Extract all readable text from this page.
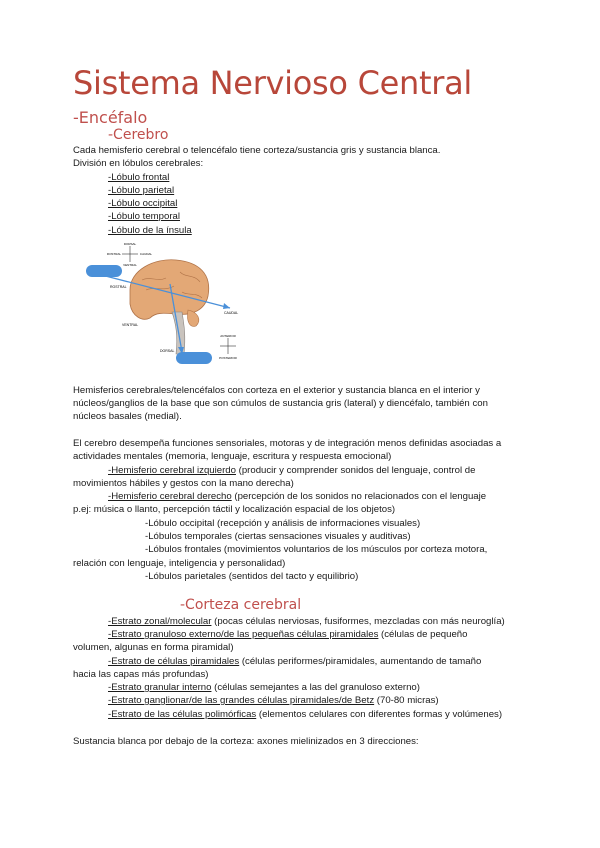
Sistema Nervioso Central
-Encéfalo
-Cerebro
Cada hemisferio cerebral o telencéfalo tiene corteza/sustancia gris y sustancia blanca.
División en lóbulos cerebrales:
-Lóbulo frontal
-Lóbulo parietal
-Lóbulo occipital
-Lóbulo temporal
-Lóbulo de la ínsula
DORSAL
ROSTRAL	CAUDAL
VENTRAL
ROSTRAL
VENTRAL
CAUDAL
DORSAL
ANTERIOR
POSTERIOR
Hemisferios cerebrales/telencéfalos con corteza en el exterior y sustancia blanca en el interior y
núcleos/ganglios de la base que son cúmulos de sustancia gris (lateral) y diencéfalo, también con
núcleos basales (medial).
El cerebro desempeña funciones sensoriales, motoras y de integración menos definidas asociadas a
actividades mentales (memoria, lenguaje, escritura y respuesta emocional)
-Hemisferio cerebral izquierdo (producir y comprender sonidos del lenguaje, control de
movimientos hábiles y gestos con la mano derecha)
-Hemisferio cerebral derecho (percepción de los sonidos no relacionados con el lenguaje
p.ej: música o llanto, percepción táctil y localización espacial de los objetos)
-Lóbulo occipital (recepción y análisis de informaciones visuales)
-Lóbulos temporales (ciertas sensaciones visuales y auditivas)
-Lóbulos frontales (movimientos voluntarios de los músculos por corteza motora,
relación con lenguaje, inteligencia y personalidad)
-Lóbulos parietales (sentidos del tacto y equilibrio)
-Corteza cerebral
-Estrato zonal/molecular (pocas células nerviosas, fusiformes, mezcladas con más neuroglía)
-Estrato granuloso externo/de las pequeñas células piramidales (células de pequeño
volumen, algunas en forma piramidal)
-Estrato de células piramidales (células periformes/piramidales, aumentando de tamaño
hacia las capas más profundas)
-Estrato granular interno (células semejantes a las del granuloso externo)
-Estrato ganglionar/de las grandes células piramidales/de Betz (70-80 micras)
-Estrato de las células polimórficas (elementos celulares con diferentes formas y volúmenes)
Sustancia blanca por debajo de la corteza: axones mielinizados en 3 direcciones:
